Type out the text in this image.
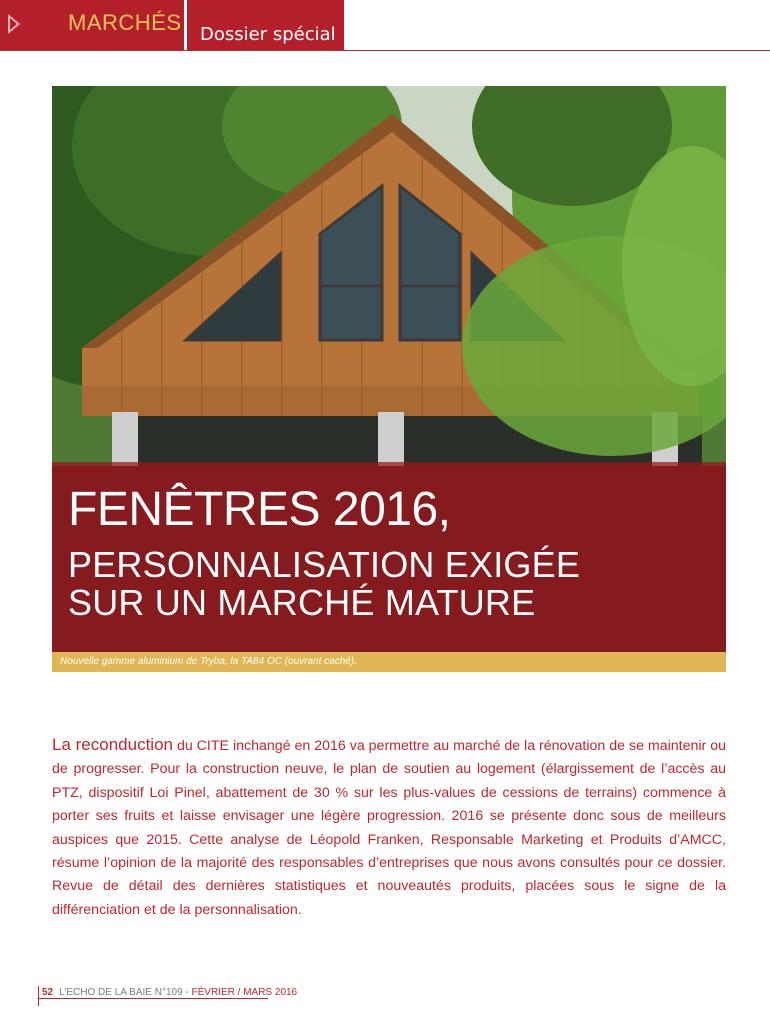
MARCHÉS Dossier spécial
FENÊTRES 2016,

PERSONNALISATION EXIGÉE
SUR UN MARCHÉ MATURE

Nouvelle gamme aluminium de Tryba, la TA84 OC (ouvrant caché).

La reconduction du CITE inchangé en 2016 va permettre au marché de la rénovation de se maintenir ou de progresser. Pour la construction neuve, le plan de soutien au logement (élargissement de l’accès au PTZ, dispositif Loi Pinel, abattement de 30 % sur les plus-values de cessions de terrains) commence à porter ses fruits et laisse envisager une légère progression. 2016 se présente donc sous de meilleurs auspices que 2015. Cette analyse de Léopold Franken, Responsable Marketing et Produits d’AMCC, résume l’opinion de la majorité des responsables d’entreprises que nous avons consultés pour ce dossier. Revue de détail des dernières statistiques et nouveautés produits, placées sous le signe de la différenciation et de la personnalisation.

52 L’ECHO DE LA BAIE N°109 - FÉVRIER / MARS 2016
